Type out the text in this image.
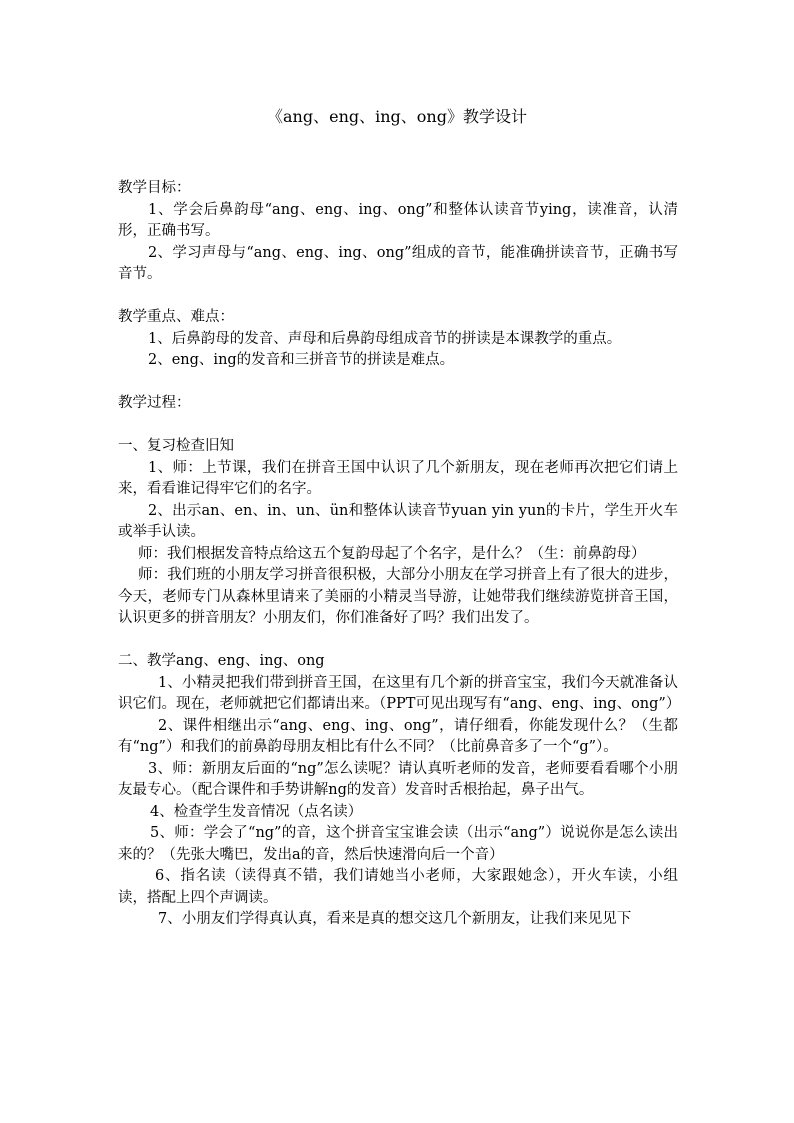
《ang、eng、ing、ong》教学设计

教学目标：

1、学会后鼻韵母“ang、eng、ing、ong”和整体认读音节ying，读准音，认清形，正确书写。

2、学习声母与“ang、eng、ing、ong”组成的音节，能准确拼读音节，正确书写音节。

教学重点、难点：

1、后鼻韵母的发音、声母和后鼻韵母组成音节的拼读是本课教学的重点。

2、eng、ing的发音和三拼音节的拼读是难点。

教学过程：

一、复习检查旧知

1、师：上节课，我们在拼音王国中认识了几个新朋友，现在老师再次把它们请上来，看看谁记得牢它们的名字。

2、出示an、en、in、un、ün和整体认读音节yuan yin yun的卡片，学生开火车或举手认读。

师：我们根据发音特点给这五个复韵母起了个名字，是什么？（生：前鼻韵母）

师：我们班的小朋友学习拼音很积极，大部分小朋友在学习拼音上有了很大的进步，今天，老师专门从森林里请来了美丽的小精灵当导游，让她带我们继续游览拼音王国，认识更多的拼音朋友？小朋友们，你们准备好了吗？我们出发了。

二、教学ang、eng、ing、ong

1、小精灵把我们带到拼音王国，在这里有几个新的拼音宝宝，我们今天就准备认识它们。现在，老师就把它们都请出来。（PPT可见出现写有“ang、eng、ing、ong”）

2、课件相继出示“ang、eng、ing、ong”，请仔细看，你能发现什么？（生都有“ng”）和我们的前鼻韵母朋友相比有什么不同？（比前鼻音多了一个“g”）。

3、师：新朋友后面的“ng”怎么读呢？请认真听老师的发音，老师要看看哪个小朋友最专心。（配合课件和手势讲解ng的发音）发音时舌根抬起，鼻子出气。

4、检查学生发音情况（点名读）

5、师：学会了“ng”的音，这个拼音宝宝谁会读（出示“ang”）说说你是怎么读出来的？（先张大嘴巴，发出a的音，然后快速滑向后一个音）

6、指名读（读得真不错，我们请她当小老师，大家跟她念），开火车读，小组读，搭配上四个声调读。

7、小朋友们学得真认真，看来是真的想交这几个新朋友，让我们来见见下
